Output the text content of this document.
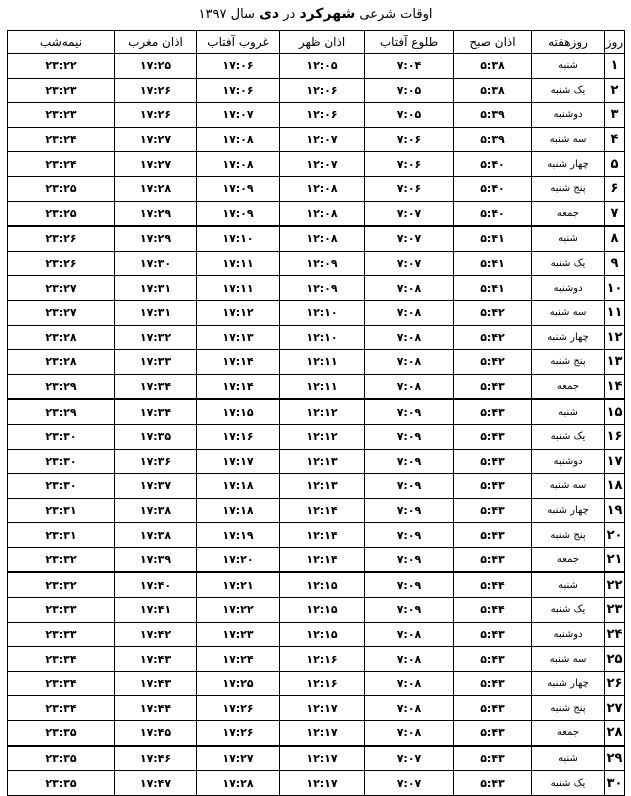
اوقات شرعی شهرکرد در دی سال ۱۳۹۷
روز	روزهفته	اذان صبح	طلوع آفتاب	اذان ظهر	غروب آفتاب	اذان مغرب	نیمه‌شب
۱	شنبه	۵:۳۸	۷:۰۴	۱۲:۰۵	۱۷:۰۶	۱۷:۲۵	۲۳:۲۲
۲	یک شنبه	۵:۳۸	۷:۰۵	۱۲:۰۶	۱۷:۰۶	۱۷:۲۶	۲۳:۲۳
۳	دوشنبه	۵:۳۹	۷:۰۵	۱۲:۰۶	۱۷:۰۷	۱۷:۲۶	۲۳:۲۳
۴	سه شنبه	۵:۳۹	۷:۰۶	۱۲:۰۷	۱۷:۰۸	۱۷:۲۷	۲۳:۲۴
۵	چهار شنبه	۵:۴۰	۷:۰۶	۱۲:۰۷	۱۷:۰۸	۱۷:۲۷	۲۳:۲۴
۶	پنج شنبه	۵:۴۰	۷:۰۶	۱۲:۰۸	۱۷:۰۹	۱۷:۲۸	۲۳:۲۵
۷	جمعه	۵:۴۰	۷:۰۷	۱۲:۰۸	۱۷:۰۹	۱۷:۲۹	۲۳:۲۵
۸	شنبه	۵:۴۱	۷:۰۷	۱۲:۰۸	۱۷:۱۰	۱۷:۲۹	۲۳:۲۶
۹	یک شنبه	۵:۴۱	۷:۰۷	۱۲:۰۹	۱۷:۱۱	۱۷:۳۰	۲۳:۲۶
۱۰	دوشنبه	۵:۴۱	۷:۰۸	۱۲:۰۹	۱۷:۱۱	۱۷:۳۱	۲۳:۲۷
۱۱	سه شنبه	۵:۴۲	۷:۰۸	۱۲:۱۰	۱۷:۱۲	۱۷:۳۱	۲۳:۲۷
۱۲	چهار شنبه	۵:۴۲	۷:۰۸	۱۲:۱۰	۱۷:۱۳	۱۷:۳۲	۲۳:۲۸
۱۳	پنج شنبه	۵:۴۲	۷:۰۸	۱۲:۱۱	۱۷:۱۴	۱۷:۳۳	۲۳:۲۸
۱۴	جمعه	۵:۴۳	۷:۰۸	۱۲:۱۱	۱۷:۱۴	۱۷:۳۴	۲۳:۲۹
۱۵	شنبه	۵:۴۳	۷:۰۹	۱۲:۱۲	۱۷:۱۵	۱۷:۳۴	۲۳:۲۹
۱۶	یک شنبه	۵:۴۳	۷:۰۹	۱۲:۱۲	۱۷:۱۶	۱۷:۳۵	۲۳:۳۰
۱۷	دوشنبه	۵:۴۳	۷:۰۹	۱۲:۱۳	۱۷:۱۷	۱۷:۳۶	۲۳:۳۰
۱۸	سه شنبه	۵:۴۳	۷:۰۹	۱۲:۱۳	۱۷:۱۸	۱۷:۳۷	۲۳:۳۰
۱۹	چهار شنبه	۵:۴۳	۷:۰۹	۱۲:۱۴	۱۷:۱۸	۱۷:۳۸	۲۳:۳۱
۲۰	پنج شنبه	۵:۴۳	۷:۰۹	۱۲:۱۴	۱۷:۱۹	۱۷:۳۸	۲۳:۳۱
۲۱	جمعه	۵:۴۳	۷:۰۹	۱۲:۱۴	۱۷:۲۰	۱۷:۳۹	۲۳:۳۲
۲۲	شنبه	۵:۴۴	۷:۰۹	۱۲:۱۵	۱۷:۲۱	۱۷:۴۰	۲۳:۳۲
۲۳	یک شنبه	۵:۴۴	۷:۰۹	۱۲:۱۵	۱۷:۲۲	۱۷:۴۱	۲۳:۳۳
۲۴	دوشنبه	۵:۴۳	۷:۰۸	۱۲:۱۵	۱۷:۲۳	۱۷:۴۲	۲۳:۳۳
۲۵	سه شنبه	۵:۴۳	۷:۰۸	۱۲:۱۶	۱۷:۲۴	۱۷:۴۳	۲۳:۳۴
۲۶	چهار شنبه	۵:۴۳	۷:۰۸	۱۲:۱۶	۱۷:۲۵	۱۷:۴۳	۲۳:۳۴
۲۷	پنج شنبه	۵:۴۳	۷:۰۸	۱۲:۱۷	۱۷:۲۶	۱۷:۴۴	۲۳:۳۴
۲۸	جمعه	۵:۴۳	۷:۰۸	۱۲:۱۷	۱۷:۲۶	۱۷:۴۵	۲۳:۳۵
۲۹	شنبه	۵:۴۳	۷:۰۷	۱۲:۱۷	۱۷:۲۷	۱۷:۴۶	۲۳:۳۵
۳۰	یک شنبه	۵:۴۳	۷:۰۷	۱۲:۱۷	۱۷:۲۸	۱۷:۴۷	۲۳:۳۵
